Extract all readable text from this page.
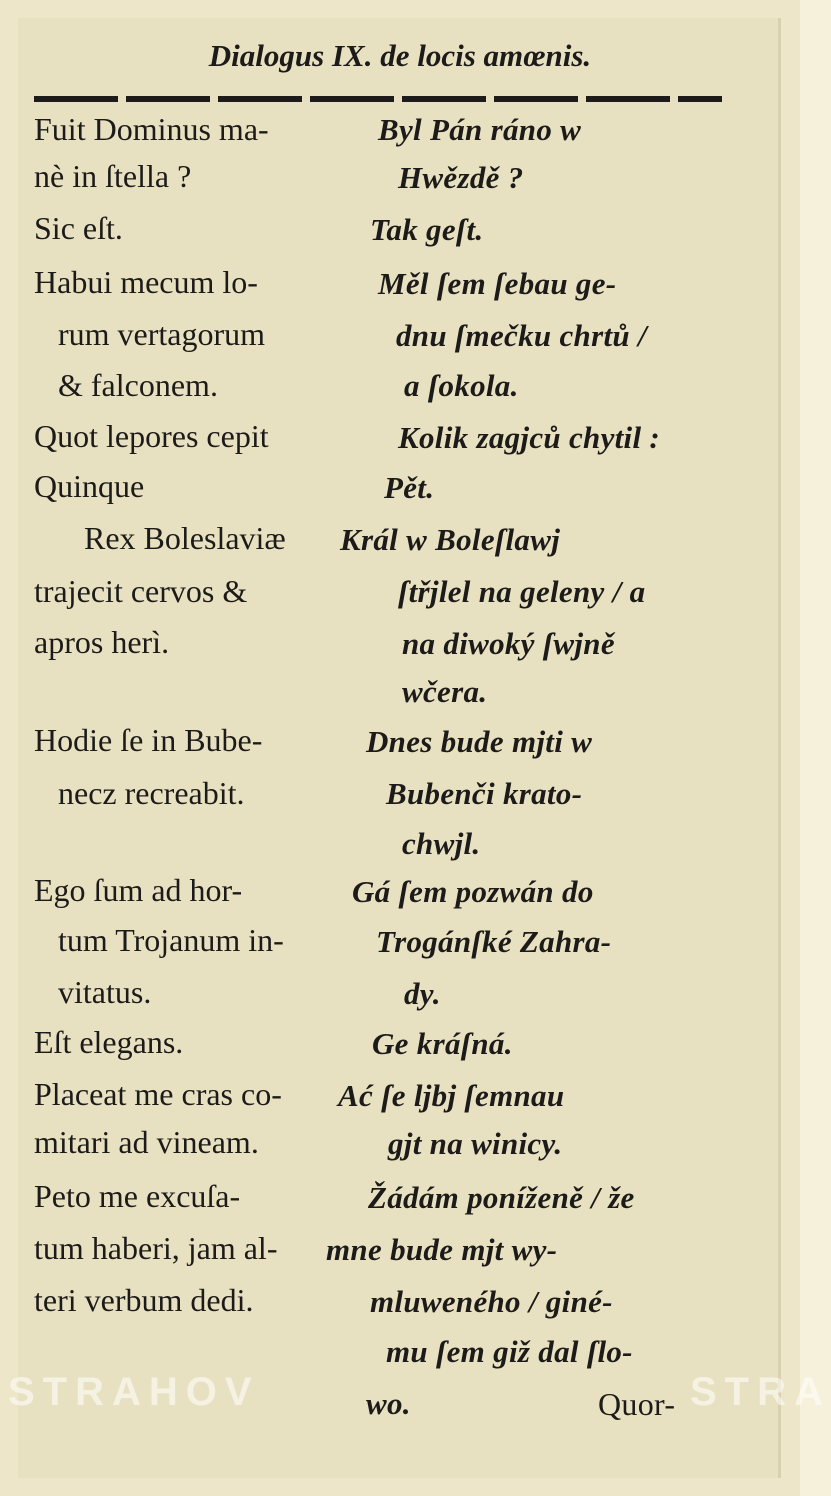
Dialogus IX. de locis amœnis.
Fuit Dominus ma-
nè in ſtella ?
Sic eſt.
Habui mecum lo-
rum vertagorum
& falconem.
Quot lepores cepit
Quinque
Rex Boleslaviæ
trajecit cervos &
apros herì.
Hodie ſe in Bube-
necz recreabit.
Ego ſum ad hor-
tum Trojanum in-
vitatus.
Eſt elegans.
Placeat me cras co-
mitari ad vineam.
Peto me excuſa-
tum haberi, jam al-
teri verbum dedi.
Byl Pán ráno w
Hwězdě ?
Tak geſt.
Měl ſem ſebau ge-
dnu ſmečku chrtů /
a ſokola.
Kolik zagjců chytil :
Pět.
Král w Boleſlawj
ſtřjlel na geleny / a
na diwoký ſwjně
wčera.
Dnes bude mjti w
Bubenči krato-
chwjl.
Gá ſem pozwán do
Trogánſké Zahra-
dy.
Ge kráſná.
Ać ſe ljbj ſemnau
gjt na winicy.
Žádám poníženě / že
mne bude mjt wy-
mluweného / giné-
mu ſem giž dal ſlo-
wo.	Quor-
STRAHOV	STRA
